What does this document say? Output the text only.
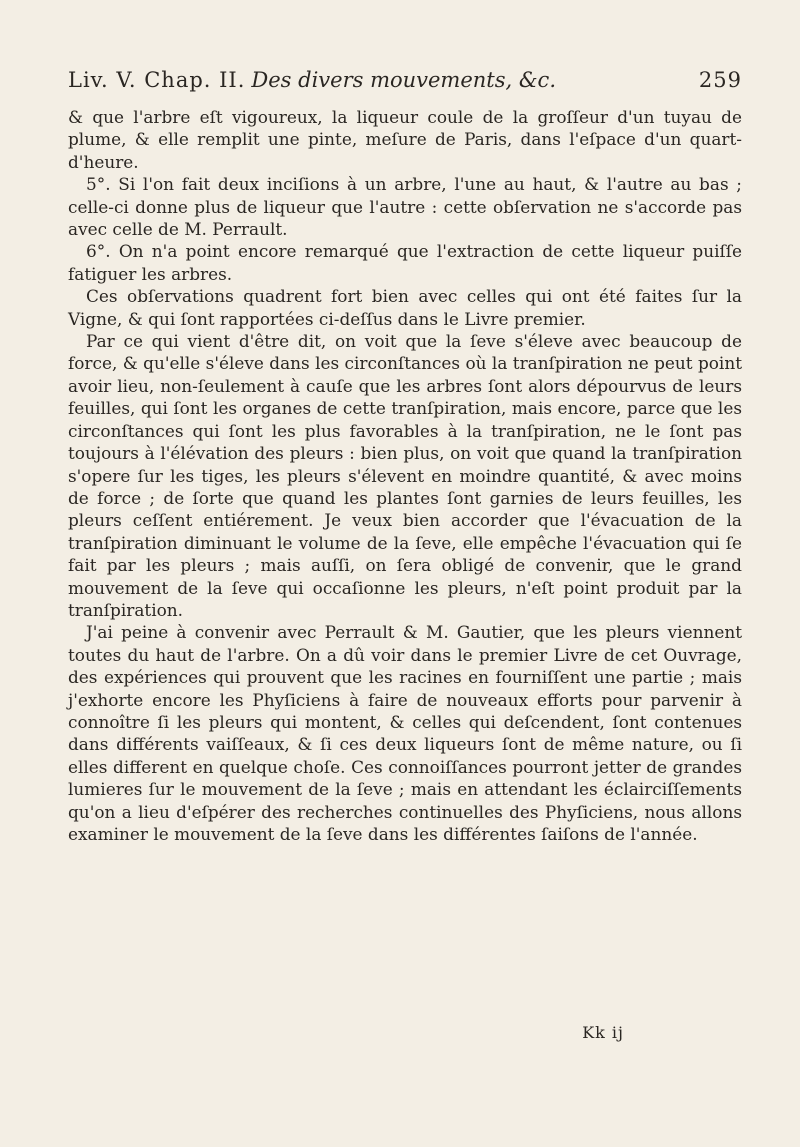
Liv. V. Chap. II. Des divers mouvements, &c.	259

& que l'arbre eſt vigoureux, la liqueur coule de la groſſeur d'un tuyau de plume, & elle remplit une pinte, meſure de Paris, dans l'eſpace d'un quart-d'heure.

5°. Si l'on fait deux inciſions à un arbre, l'une au haut, & l'autre au bas ; celle-ci donne plus de liqueur que l'autre : cette obſervation ne s'accorde pas avec celle de M. Perrault.

6°. On n'a point encore remarqué que l'extraction de cette liqueur puiſſe fatiguer les arbres.

Ces obſervations quadrent fort bien avec celles qui ont été faites ſur la Vigne, & qui ſont rapportées ci-deſſus dans le Livre premier.

Par ce qui vient d'être dit, on voit que la ſeve s'éleve avec beaucoup de force, & qu'elle s'éleve dans les circonſtances où la tranſpiration ne peut point avoir lieu, non-ſeulement à cauſe que les arbres ſont alors dépourvus de leurs feuilles, qui ſont les organes de cette tranſpiration, mais encore, parce que les circonſtances qui ſont les plus favorables à la tranſpiration, ne le ſont pas toujours à l'élévation des pleurs : bien plus, on voit que quand la tranſpiration s'opere ſur les tiges, les pleurs s'élevent en moindre quantité, & avec moins de force ; de ſorte que quand les plantes ſont garnies de leurs feuilles, les pleurs ceſſent entiérement. Je veux bien accorder que l'évacuation de la tranſpiration diminuant le volume de la ſeve, elle empêche l'évacuation qui ſe fait par les pleurs ; mais auſſi, on ſera obligé de convenir, que le grand mouvement de la ſeve qui occaſionne les pleurs, n'eſt point produit par la tranſpiration.

J'ai peine à convenir avec Perrault & M. Gautier, que les pleurs viennent toutes du haut de l'arbre. On a dû voir dans le premier Livre de cet Ouvrage, des expériences qui prouvent que les racines en fourniſſent une partie ; mais j'exhorte encore les Phyſiciens à faire de nouveaux efforts pour parvenir à connoître ſi les pleurs qui montent, & celles qui deſcendent, ſont contenues dans différents vaiſſeaux, & ſi ces deux liqueurs ſont de même nature, ou ſi elles different en quelque choſe. Ces connoiſſances pourront jetter de grandes lumieres ſur le mouvement de la ſeve ; mais en attendant les éclairciſſements qu'on a lieu d'eſpérer des recherches continuelles des Phyſiciens, nous allons examiner le mouvement de la ſeve dans les différentes ſaiſons de l'année.

Kk ij
